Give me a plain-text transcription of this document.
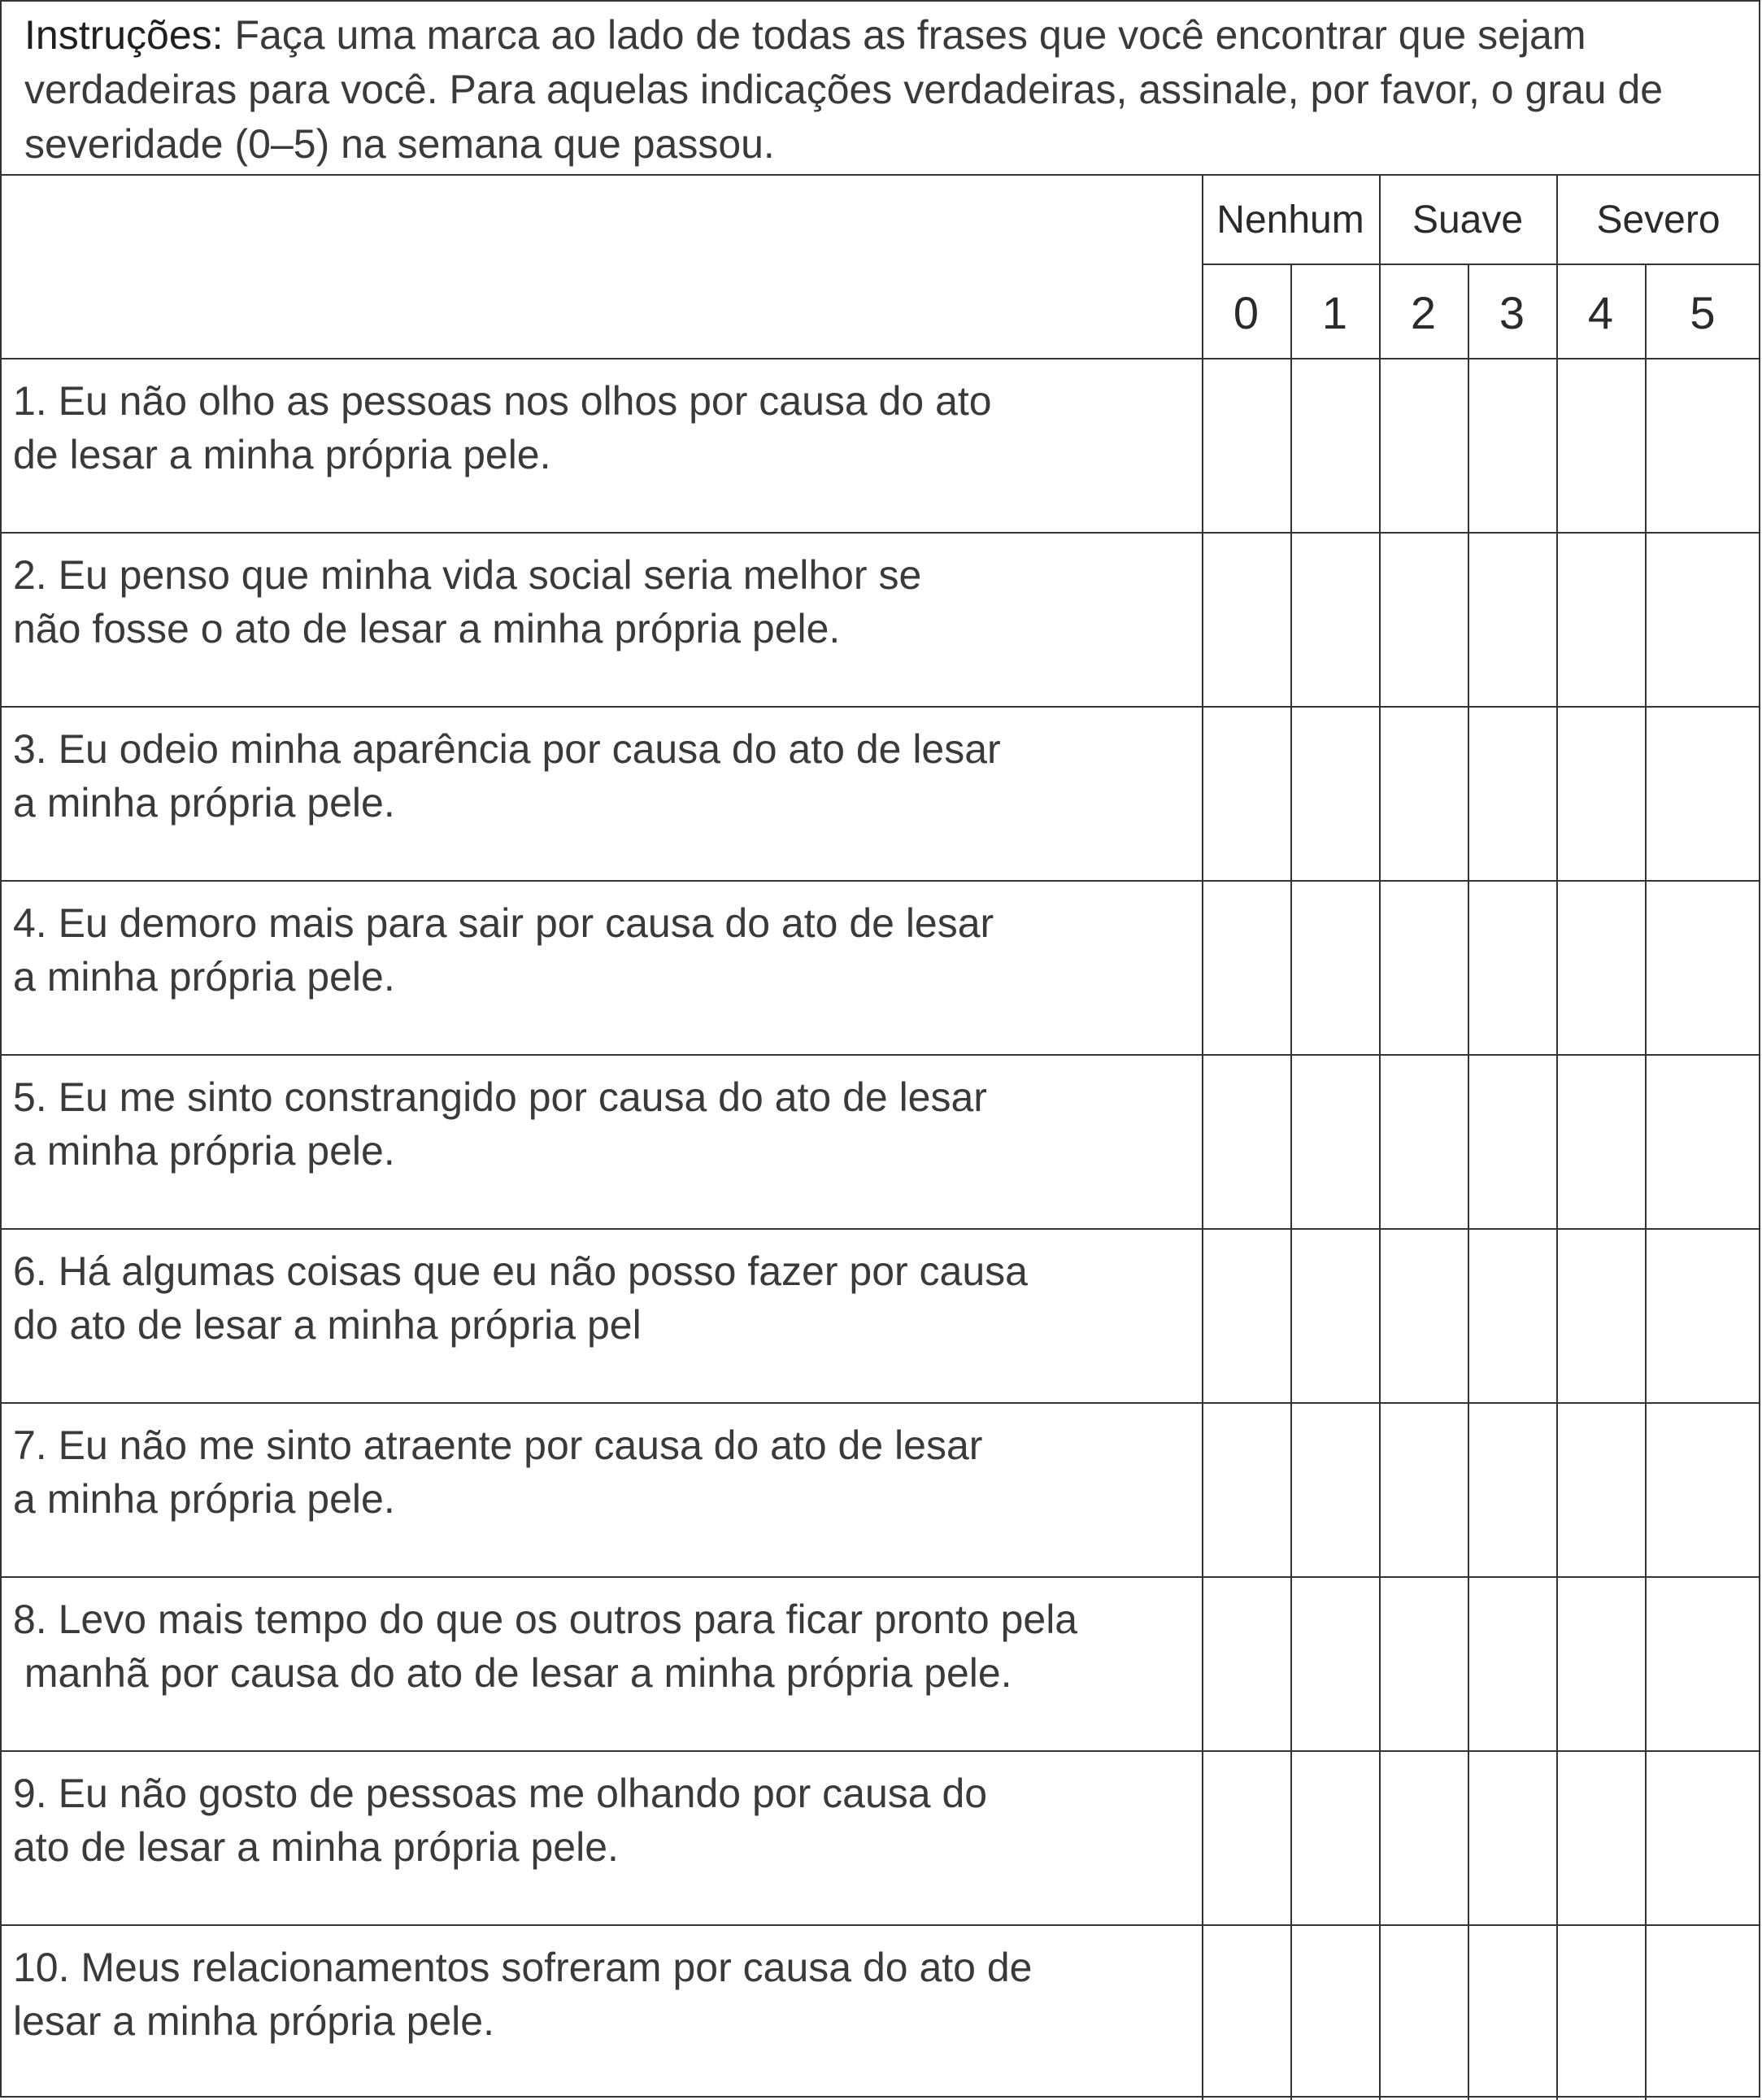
Instruções: Faça uma marca ao lado de todas as frases que você encontrar que sejam verdadeiras para você. Para aquelas indicações verdadeiras, assinale, por favor, o grau de severidade (0–5) na semana que passou.
Nenhum	Suave	Severo
0	1	2	3	4	5
1. Eu não olho as pessoas nos olhos por causa do ato
de lesar a minha própria pele.
2. Eu penso que minha vida social seria melhor se
não fosse o ato de lesar a minha própria pele.
3. Eu odeio minha aparência por causa do ato de lesar
a minha própria pele.
4. Eu demoro mais para sair por causa do ato de lesar
a minha própria pele.
5. Eu me sinto constrangido por causa do ato de lesar
a minha própria pele.
6. Há algumas coisas que eu não posso fazer por causa
do ato de lesar a minha própria pel
7. Eu não me sinto atraente por causa do ato de lesar
a minha própria pele.
8. Levo mais tempo do que os outros para ficar pronto pela
manhã por causa do ato de lesar a minha própria pele.
9. Eu não gosto de pessoas me olhando por causa do
ato de lesar a minha própria pele.
10. Meus relacionamentos sofreram por causa do ato de
lesar a minha própria pele.
